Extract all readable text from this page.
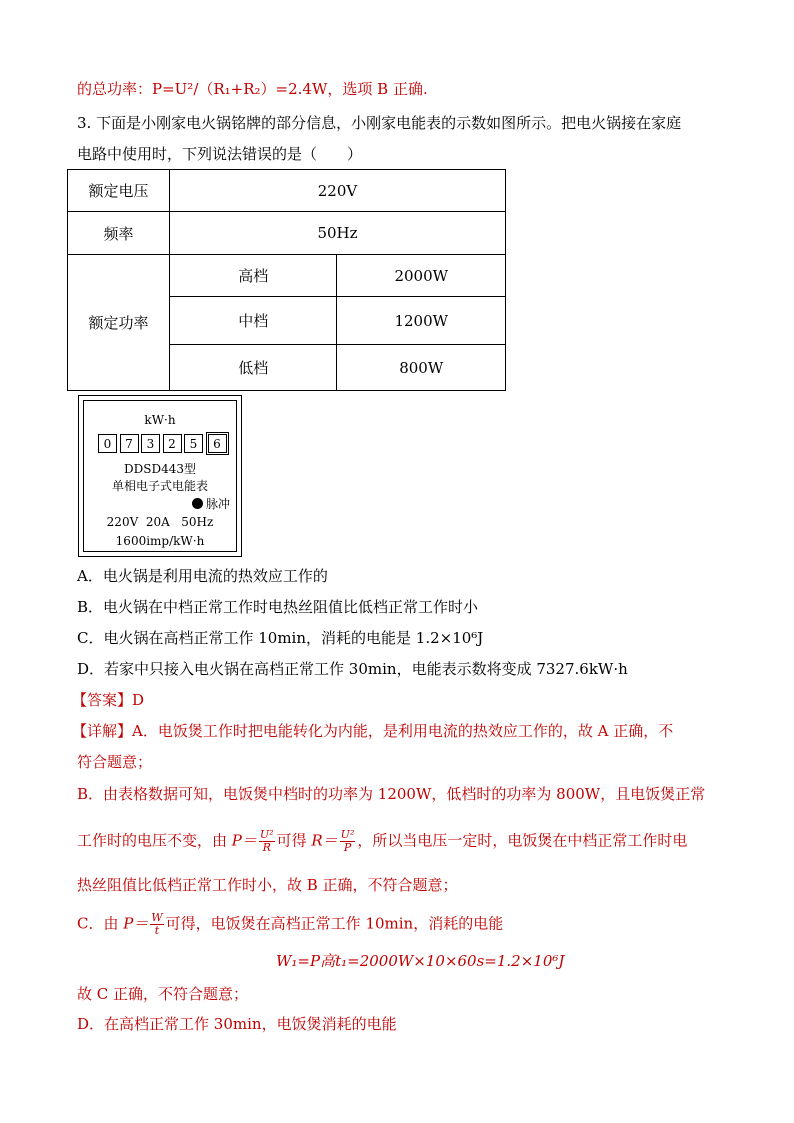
的总功率：P=U²/（R₁+R₂）=2.4W，选项 B 正确.
3. 下面是小刚家电火锅铭牌的部分信息，小刚家电能表的示数如图所示。把电火锅接在家庭
电路中使用时，下列说法错误的是（　　）
额定电压	220V	
频率	50Hz	
额定功率	高档	2000W
	中档	1200W
	低档	800W
kW·h
0	7	3	2	5	6
DDSD443型
单相电子式电能表
脉冲
220V  20A   50Hz
1600imp/kW·h
A．电火锅是利用电流的热效应工作的
B．电火锅在中档正常工作时电热丝阻值比低档正常工作时小
C．电火锅在高档正常工作 10min，消耗的电能是 1.2×10⁶J
D．若家中只接入电火锅在高档正常工作 30min，电能表示数将变成 7327.6kW·h
【答案】D
【详解】A．电饭煲工作时把电能转化为内能，是利用电流的热效应工作的，故 A 正确，不
符合题意；
B．由表格数据可知，电饭煲中档时的功率为 1200W，低档时的功率为 800W，且电饭煲正常
工作时的电压不变，由 $P= \frac{\text{U²}}{R}$ 可得 $R= \frac{\text{U²}}{P}$ ，所以当电压一定时，电饭煲在中档正常工作时电
热丝阻值比低档正常工作时小，故 B 正确，不符合题意；
C．由 $P= \frac{W}{t}$ 可得，电饭煲在高档正常工作 10min，消耗的电能
W₁=P高t₁=2000W×10×60s=1.2×10⁶J
故 C 正确，不符合题意；
D．在高档正常工作 30min，电饭煲消耗的电能
